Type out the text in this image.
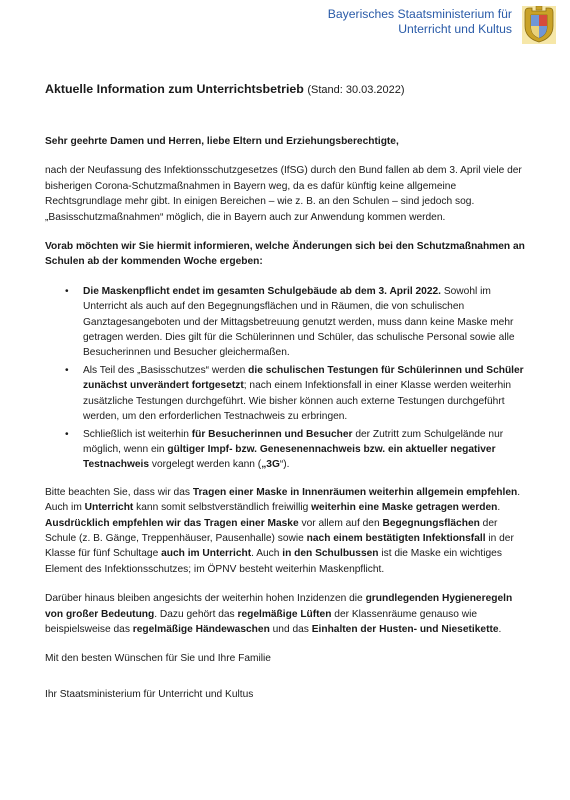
Bayerisches Staatsministerium für
Unterricht und Kultus
Aktuelle Information zum Unterrichtsbetrieb (Stand: 30.03.2022)

Sehr geehrte Damen und Herren, liebe Eltern und Erziehungsberechtigte,

nach der Neufassung des Infektionsschutzgesetzes (IfSG) durch den Bund fallen ab dem 3. April viele der bisherigen Corona-Schutzmaßnahmen in Bayern weg, da es dafür künftig keine allgemeine Rechtsgrundlage mehr gibt. In einigen Bereichen – wie z. B. an den Schulen – sind jedoch sog. „Basisschutzmaßnahmen“ möglich, die in Bayern auch zur Anwendung kommen werden.

Vorab möchten wir Sie hiermit informieren, welche Änderungen sich bei den Schutzmaßnahmen an Schulen ab der kommenden Woche ergeben:

• Die Maskenpflicht endet im gesamten Schulgebäude ab dem 3. April 2022. Sowohl im Unterricht als auch auf den Begegnungsflächen und in Räumen, die von schulischen Ganztagesangeboten und der Mittagsbetreuung genutzt werden, muss dann keine Maske mehr getragen werden. Dies gilt für die Schülerinnen und Schüler, das schulische Personal sowie alle Besucherinnen und Besucher gleichermaßen.
• Als Teil des „Basisschutzes“ werden die schulischen Testungen für Schülerinnen und Schüler zunächst unverändert fortgesetzt; nach einem Infektionsfall in einer Klasse werden weiterhin zusätzliche Testungen durchgeführt. Wie bisher können auch externe Testungen durchgeführt werden, um den erforderlichen Testnachweis zu erbringen.
• Schließlich ist weiterhin für Besucherinnen und Besucher der Zutritt zum Schulgelände nur möglich, wenn ein gültiger Impf- bzw. Genesenennachweis bzw. ein aktueller negativer Testnachweis vorgelegt werden kann („3G“).

Bitte beachten Sie, dass wir das Tragen einer Maske in Innenräumen weiterhin allgemein empfehlen. Auch im Unterricht kann somit selbstverständlich freiwillig weiterhin eine Maske getragen werden. Ausdrücklich empfehlen wir das Tragen einer Maske vor allem auf den Begegnungsflächen der Schule (z. B. Gänge, Treppenhäuser, Pausenhalle) sowie nach einem bestätigten Infektionsfall in der Klasse für fünf Schultage auch im Unterricht. Auch in den Schulbussen ist die Maske ein wichtiges Element des Infektionsschutzes; im ÖPNV besteht weiterhin Maskenpflicht.

Darüber hinaus bleiben angesichts der weiterhin hohen Inzidenzen die grundlegenden Hygieneregeln von großer Bedeutung. Dazu gehört das regelmäßige Lüften der Klassenräume genauso wie beispielsweise das regelmäßige Händewaschen und das Einhalten der Husten- und Niesetikette.

Mit den besten Wünschen für Sie und Ihre Familie

Ihr Staatsministerium für Unterricht und Kultus
